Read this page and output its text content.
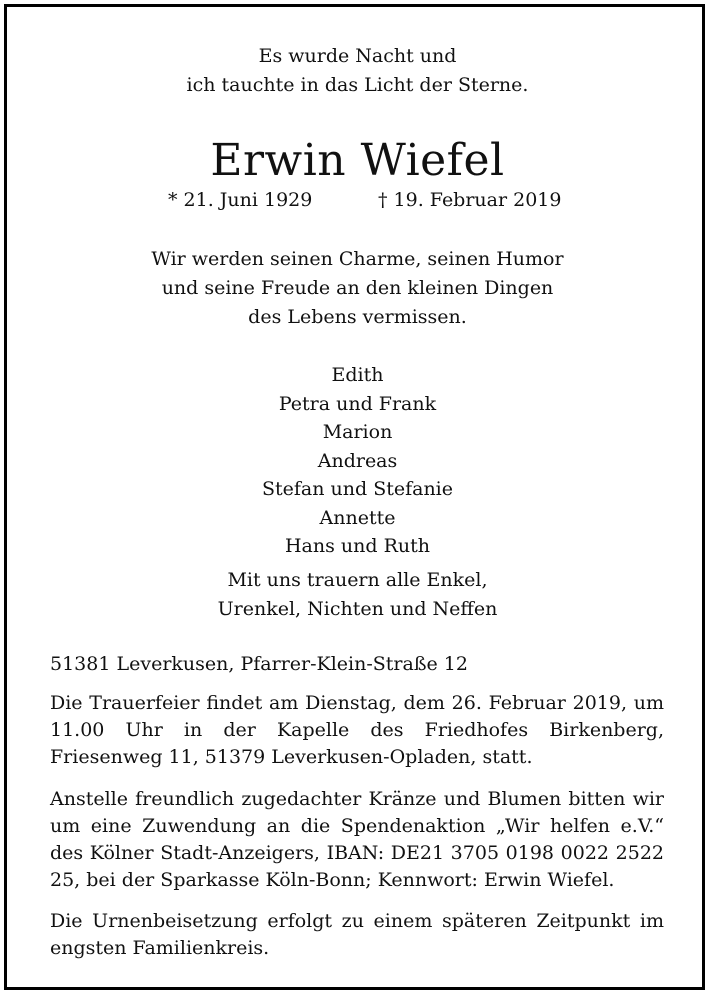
Es wurde Nacht und
ich tauchte in das Licht der Sterne.
Erwin Wiefel
* 21. Juni 1929	† 19. Februar 2019
Wir werden seinen Charme, seinen Humor
und seine Freude an den kleinen Dingen
des Lebens vermissen.
Edith
Petra und Frank
Marion
Andreas
Stefan und Stefanie
Annette
Hans und Ruth
Mit uns trauern alle Enkel,
Urenkel, Nichten und Neffen
51381 Leverkusen, Pfarrer-Klein-Straße 12
Die Trauerfeier findet am Dienstag, dem 26. Februar 2019, um 11.00 Uhr in der Kapelle des Friedhofes Birkenberg, Friesenweg 11, 51379 Leverkusen-Opladen, statt.
Anstelle freundlich zugedachter Kränze und Blumen bitten wir um eine Zuwendung an die Spendenaktion „Wir helfen e.V.“ des Kölner Stadt-Anzeigers, IBAN: DE21 3705 0198 0022 2522 25, bei der Sparkasse Köln-Bonn; Kennwort: Erwin Wiefel.
Die Urnenbeisetzung erfolgt zu einem späteren Zeitpunkt im engsten Familienkreis.
